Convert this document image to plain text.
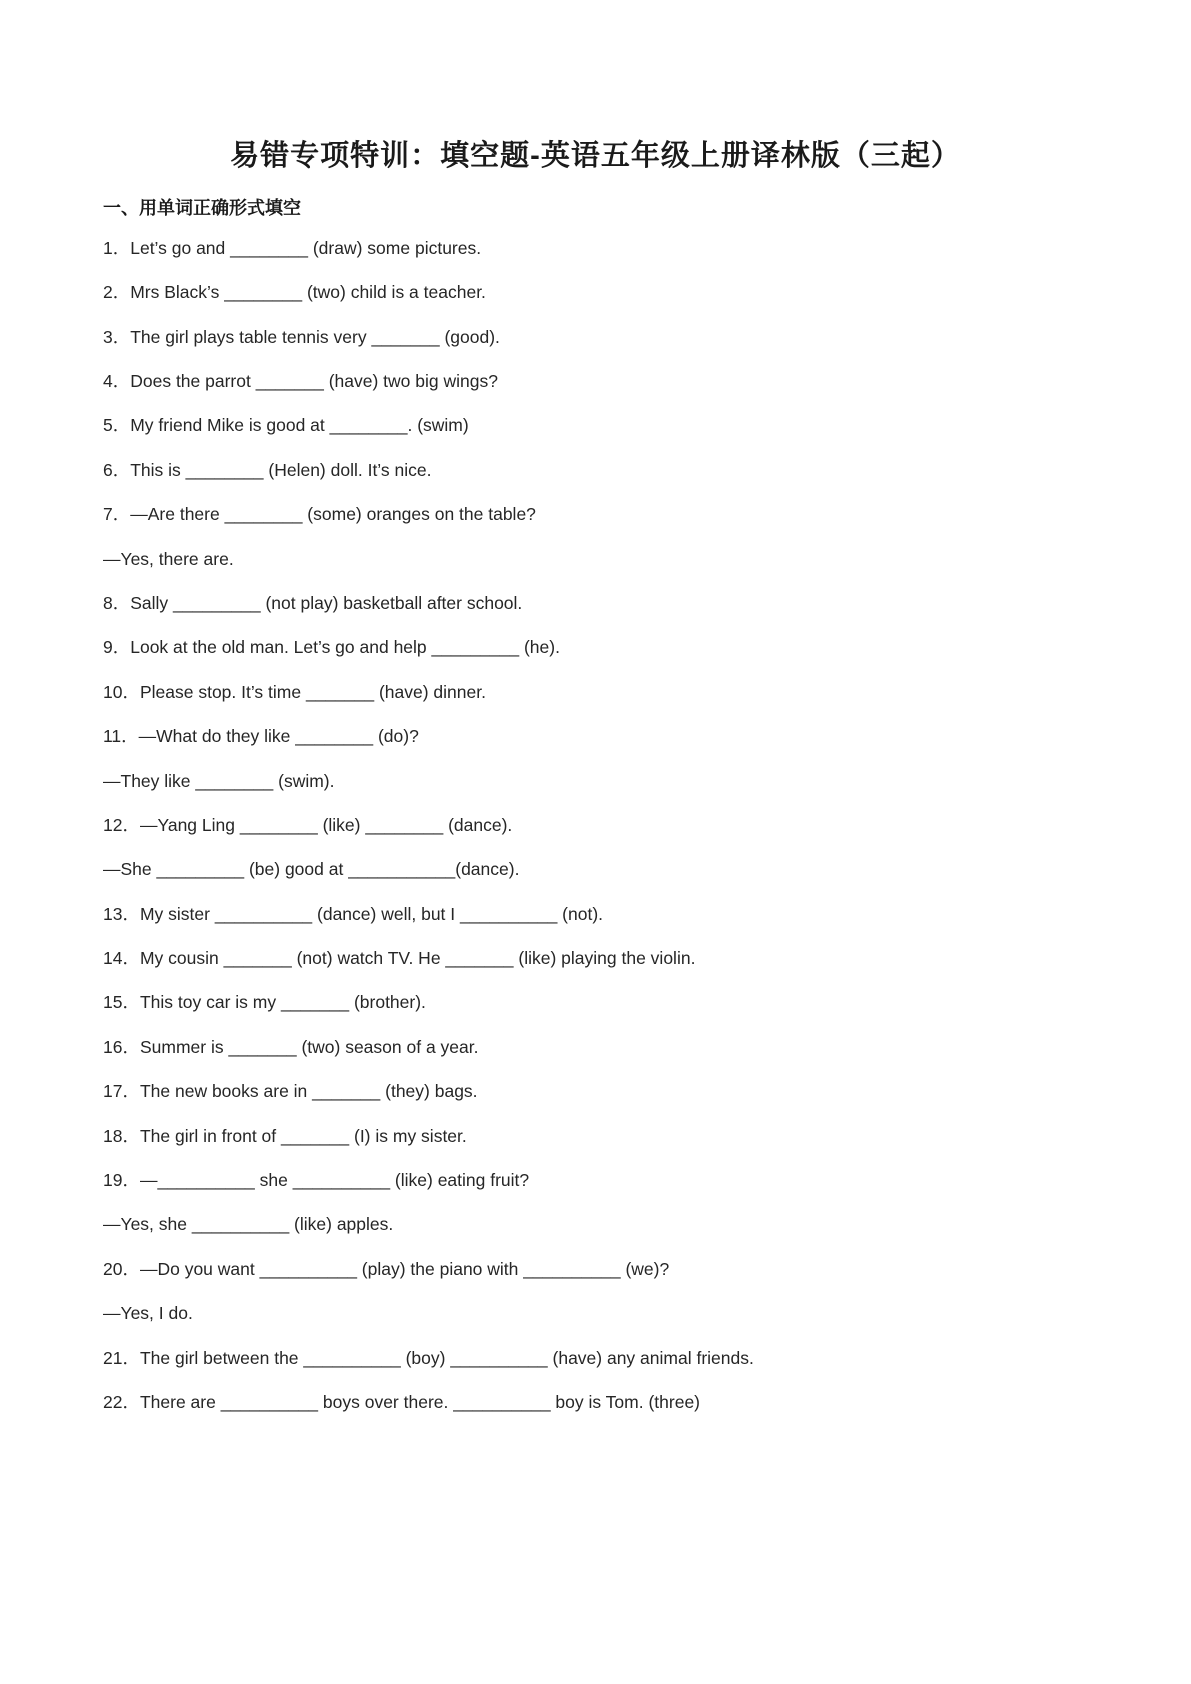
易错专项特训：填空题-英语五年级上册译林版（三起）
一、用单词正确形式填空

1．Let’s go and ________ (draw) some pictures.

2．Mrs Black’s ________ (two) child is a teacher.

3．The girl plays table tennis very _______ (good).

4．Does the parrot _______ (have) two big wings?

5．My friend Mike is good at ________. (swim)

6．This is ________ (Helen) doll. It’s nice.

7．—Are there ________ (some) oranges on the table?

—Yes, there are.

8．Sally _________ (not play) basketball after school.

9．Look at the old man. Let’s go and help _________ (he).

10．Please stop. It’s time _______ (have) dinner.

11．—What do they like ________ (do)?

—They like ________ (swim).

12．—Yang Ling ________ (like) ________ (dance).

—She _________ (be) good at ___________(dance).

13．My sister __________ (dance) well, but I __________ (not).

14．My cousin _______ (not) watch TV. He _______ (like) playing the violin.

15．This toy car is my _______ (brother).

16．Summer is _______ (two) season of a year.

17．The new books are in _______ (they) bags.

18．The girl in front of _______ (I) is my sister.

19．—__________ she __________ (like) eating fruit?

—Yes, she __________ (like) apples.

20．—Do you want __________ (play) the piano with __________ (we)?

—Yes, I do.

21．The girl between the __________ (boy) __________ (have) any animal friends.

22．There are __________ boys over there. __________ boy is Tom. (three)
